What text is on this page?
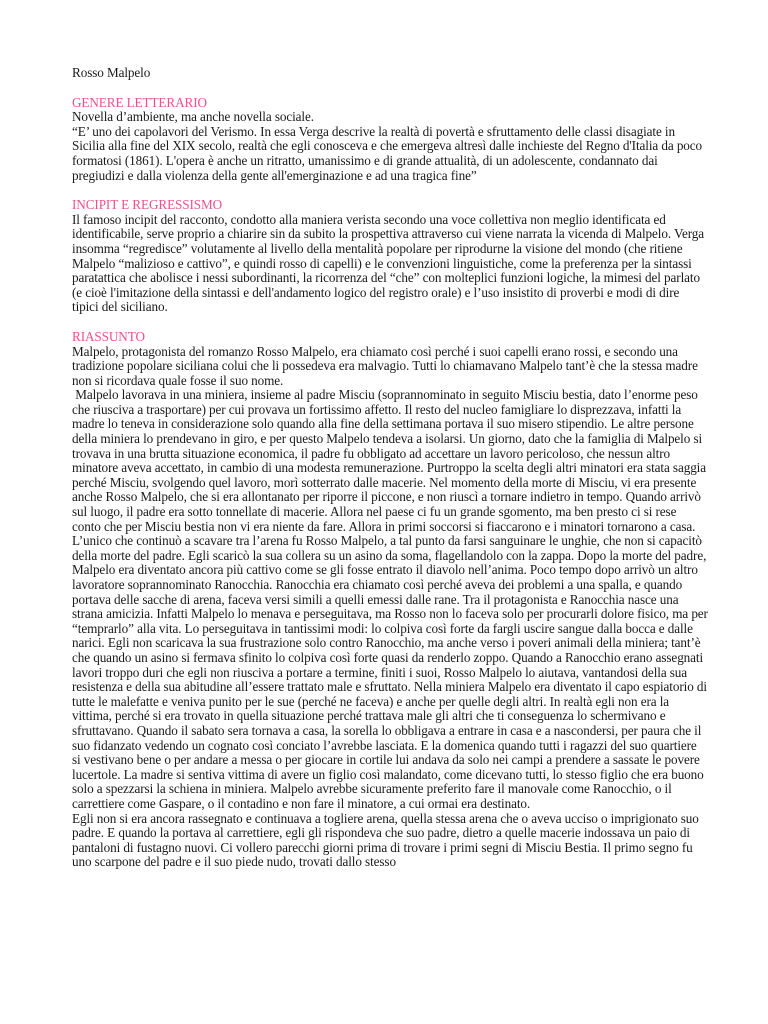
Rosso Malpelo

GENERE LETTERARIO

Novella d’ambiente, ma anche novella sociale.

“E’ uno dei capolavori del Verismo. In essa Verga descrive la realtà di povertà e sfruttamento delle classi disagiate in Sicilia alla fine del XIX secolo, realtà che egli conosceva e che emergeva altresì dalle inchieste del Regno d'Italia da poco formatosi (1861). L'opera è anche un ritratto, umanissimo e di grande attualità, di un adolescente, condannato dai pregiudizi e dalla violenza della gente all'emerginazione e ad una tragica fine”

INCIPIT E REGRESSISMO

Il famoso incipit del racconto, condotto alla maniera verista secondo una voce collettiva non meglio identificata ed identificabile, serve proprio a chiarire sin da subito la prospettiva attraverso cui viene narrata la vicenda di Malpelo. Verga insomma “regredisce” volutamente al livello della mentalità popolare per riprodurne la visione del mondo (che ritiene Malpelo “malizioso e cattivo”, e quindi rosso di capelli) e le convenzioni linguistiche, come la preferenza per la sintassi paratattica che abolisce i nessi subordinanti, la ricorrenza del “che” con molteplici funzioni logiche, la mimesi del parlato (e cioè l'imitazione della sintassi e dell'andamento logico del registro orale) e l’uso insistito di proverbi e modi di dire tipici del siciliano.

RIASSUNTO

Malpelo, protagonista del romanzo Rosso Malpelo, era chiamato così perché i suoi capelli erano rossi, e secondo una tradizione popolare siciliana colui che li possedeva era malvagio. Tutti lo chiamavano Malpelo tant’è che la stessa madre non si ricordava quale fosse il suo nome.

Malpelo lavorava in una miniera, insieme al padre Misciu (soprannominato in seguito Misciu bestia, dato l’enorme peso che riusciva a trasportare) per cui provava un fortissimo affetto. Il resto del nucleo famigliare lo disprezzava, infatti la madre lo teneva in considerazione solo quando alla fine della settimana portava il suo misero stipendio. Le altre persone della miniera lo prendevano in giro, e per questo Malpelo tendeva a isolarsi. Un giorno, dato che la famiglia di Malpelo si trovava in una brutta situazione economica, il padre fu obbligato ad accettare un lavoro pericoloso, che nessun altro minatore aveva accettato, in cambio di una modesta remunerazione. Purtroppo la scelta degli altri minatori era stata saggia perché Misciu, svolgendo quel lavoro, morì sotterrato dalle macerie. Nel momento della morte di Misciu, vi era presente anche Rosso Malpelo, che si era allontanato per riporre il piccone, e non riuscì a tornare indietro in tempo. Quando arrivò sul luogo, il padre era sotto tonnellate di macerie. Allora nel paese ci fu un grande sgomento, ma ben presto ci si rese conto che per Misciu bestia non vi era niente da fare. Allora in primi soccorsi si fiaccarono e i minatori tornarono a casa. L’unico che continuò a scavare tra l’arena fu Rosso Malpelo, a tal punto da farsi sanguinare le unghie, che non si capacitò della morte del padre. Egli scaricò la sua collera su un asino da soma, flagellandolo con la zappa. Dopo la morte del padre, Malpelo era diventato ancora più cattivo come se gli fosse entrato il diavolo nell’anima. Poco tempo dopo arrivò un altro lavoratore soprannominato Ranocchia. Ranocchia era chiamato così perché aveva dei problemi a una spalla, e quando portava delle sacche di arena, faceva versi simili a quelli emessi dalle rane. Tra il protagonista e Ranocchia nasce una strana amicizia. Infatti Malpelo lo menava e perseguitava, ma Rosso non lo faceva solo per procurarli dolore fisico, ma per “temprarlo” alla vita. Lo perseguitava in tantissimi modi: lo colpiva così forte da fargli uscire sangue dalla bocca e dalle narici. Egli non scaricava la sua frustrazione solo contro Ranocchio, ma anche verso i poveri animali della miniera; tant’è che quando un asino si fermava sfinito lo colpiva così forte quasi da renderlo zoppo. Quando a Ranocchio erano assegnati lavori troppo duri che egli non riusciva a portare a termine, finiti i suoi, Rosso Malpelo lo aiutava, vantandosi della sua resistenza e della sua abitudine all’essere trattato male e sfruttato. Nella miniera Malpelo era diventato il capo espiatorio di tutte le malefatte e veniva punito per le sue (perché ne faceva) e anche per quelle degli altri. In realtà egli non era la vittima, perché si era trovato in quella situazione perché trattava male gli altri che ti conseguenza lo schermivano e sfruttavano. Quando il sabato sera tornava a casa, la sorella lo obbligava a entrare in casa e a nascondersi, per paura che il suo fidanzato vedendo un cognato così conciato l’avrebbe lasciata. E la domenica quando tutti i ragazzi del suo quartiere si vestivano bene o per andare a messa o per giocare in cortile lui andava da solo nei campi a prendere a sassate le povere lucertole. La madre si sentiva vittima di avere un figlio così malandato, come dicevano tutti, lo stesso figlio che era buono solo a spezzarsi la schiena in miniera. Malpelo avrebbe sicuramente preferito fare il manovale come Ranocchio, o il carrettiere come Gaspare, o il contadino e non fare il minatore, a cui ormai era destinato.

Egli non si era ancora rassegnato e continuava a togliere arena, quella stessa arena che o aveva ucciso o imprigionato suo padre. E quando la portava al carrettiere, egli gli rispondeva che suo padre, dietro a quelle macerie indossava un paio di pantaloni di fustagno nuovi. Ci vollero parecchi giorni prima di trovare i primi segni di Misciu Bestia. Il primo segno fu uno scarpone del padre e il suo piede nudo, trovati dallo stesso
